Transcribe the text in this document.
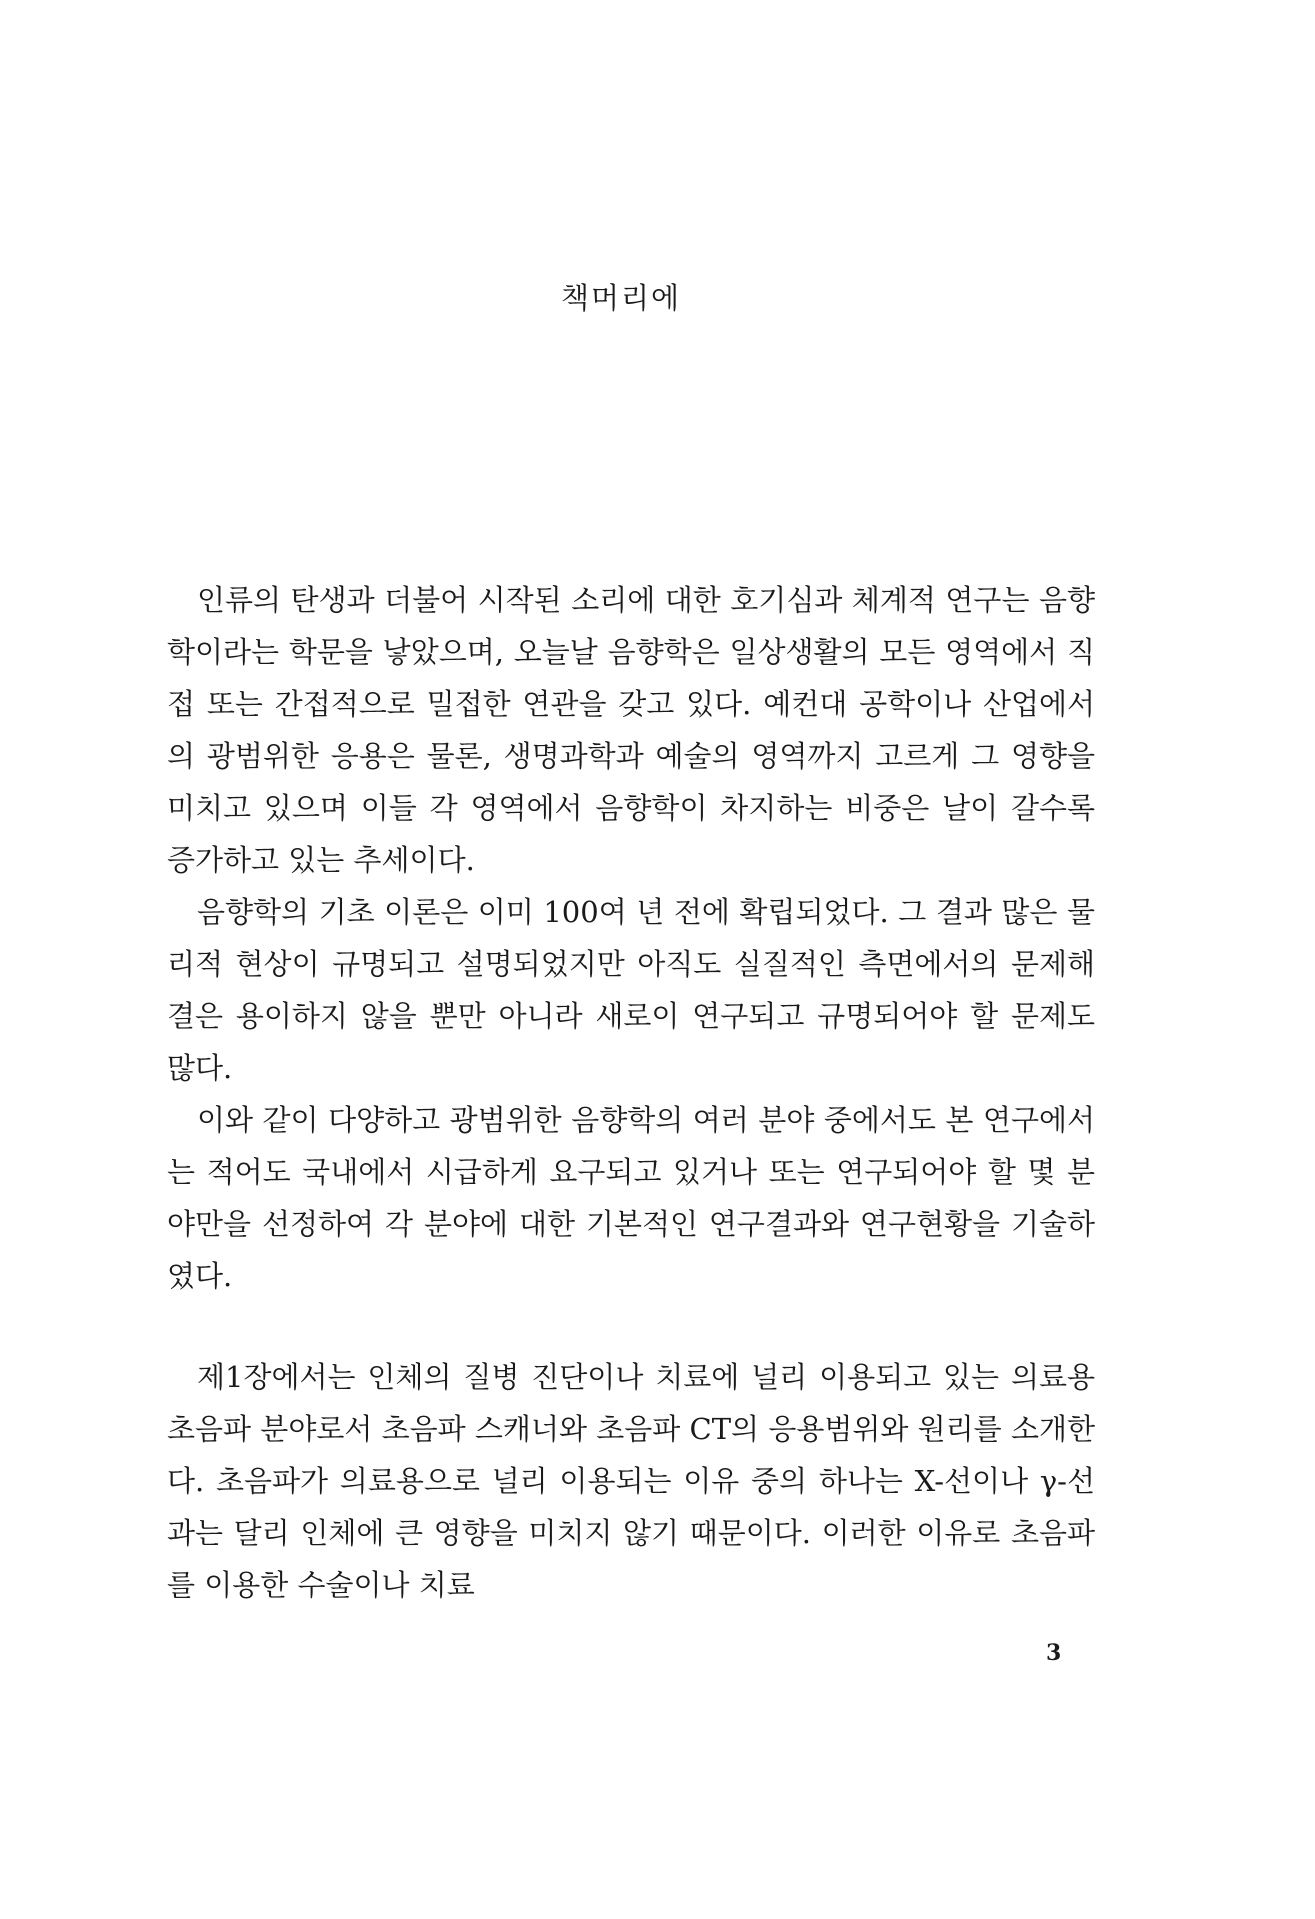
책머리에

인류의 탄생과 더불어 시작된 소리에 대한 호기심과 체계적 연구는 음향학이라는 학문을 낳았으며, 오늘날 음향학은 일상생활의 모든 영역에서 직접 또는 간접적으로 밀접한 연관을 갖고 있다. 예컨대 공학이나 산업에서의 광범위한 응용은 물론, 생명과학과 예술의 영역까지 고르게 그 영향을 미치고 있으며 이들 각 영역에서 음향학이 차지하는 비중은 날이 갈수록 증가하고 있는 추세이다.

음향학의 기초 이론은 이미 100여 년 전에 확립되었다. 그 결과 많은 물리적 현상이 규명되고 설명되었지만 아직도 실질적인 측면에서의 문제해결은 용이하지 않을 뿐만 아니라 새로이 연구되고 규명되어야 할 문제도 많다.

이와 같이 다양하고 광범위한 음향학의 여러 분야 중에서도 본 연구에서는 적어도 국내에서 시급하게 요구되고 있거나 또는 연구되어야 할 몇 분야만을 선정하여 각 분야에 대한 기본적인 연구결과와 연구현황을 기술하였다.

제1장에서는 인체의 질병 진단이나 치료에 널리 이용되고 있는 의료용 초음파 분야로서 초음파 스캐너와 초음파 CT의 응용범위와 원리를 소개한다. 초음파가 의료용으로 널리 이용되는 이유 중의 하나는 X-선이나 γ-선과는 달리 인체에 큰 영향을 미치지 않기 때문이다. 이러한 이유로 초음파를 이용한 수술이나 치료

3
